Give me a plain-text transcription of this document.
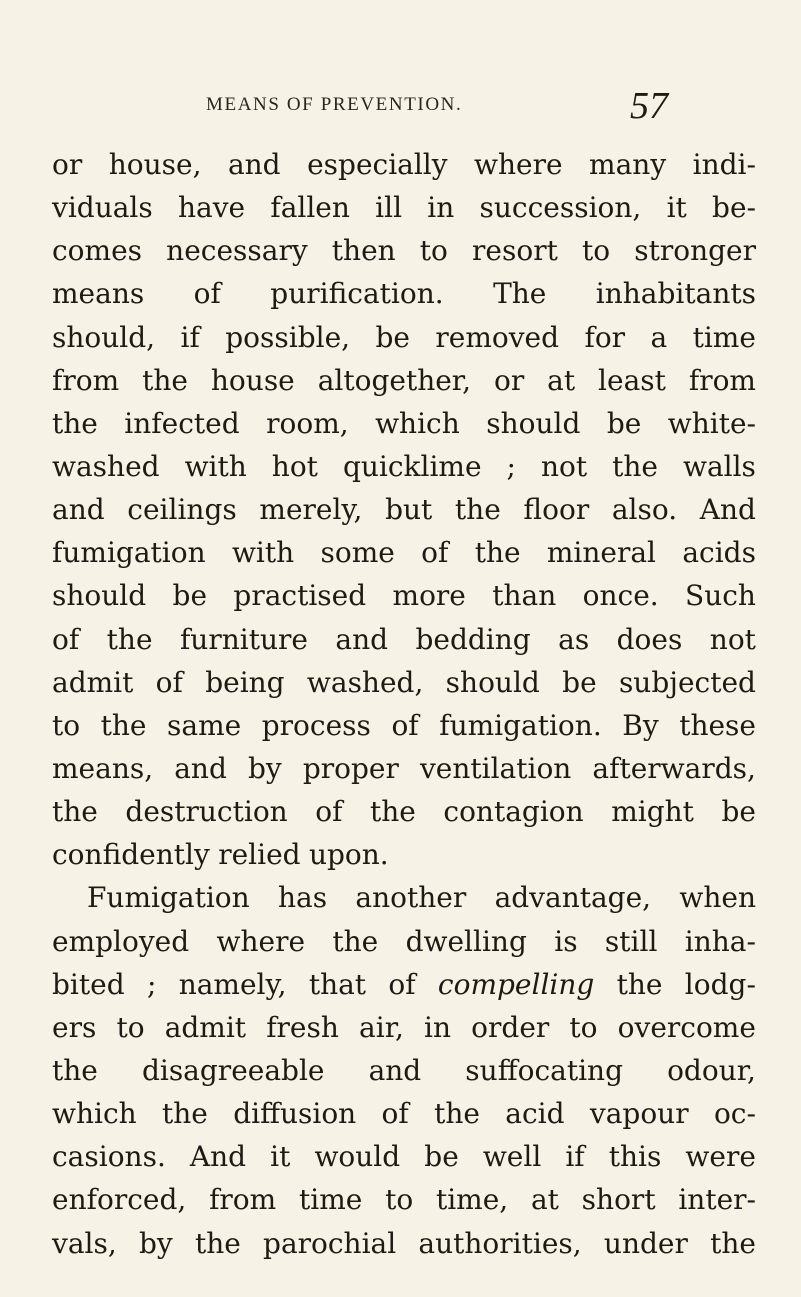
MEANS OF PREVENTION.	57
or house, and especially where many indi-
viduals have fallen ill in succession, it be-
comes necessary then to resort to stronger
means of purification. The inhabitants
should, if possible, be removed for a time
from the house altogether, or at least from
the infected room, which should be white-
washed with hot quicklime ; not the walls
and ceilings merely, but the floor also. And
fumigation with some of the mineral acids
should be practised more than once. Such
of the furniture and bedding as does not
admit of being washed, should be subjected
to the same process of fumigation. By these
means, and by proper ventilation afterwards,
the destruction of the contagion might be
confidently relied upon.
Fumigation has another advantage, when
employed where the dwelling is still inha-
bited ; namely, that of compelling the lodg-
ers to admit fresh air, in order to overcome
the disagreeable and suffocating odour,
which the diffusion of the acid vapour oc-
casions. And it would be well if this were
enforced, from time to time, at short inter-
vals, by the parochial authorities, under the
